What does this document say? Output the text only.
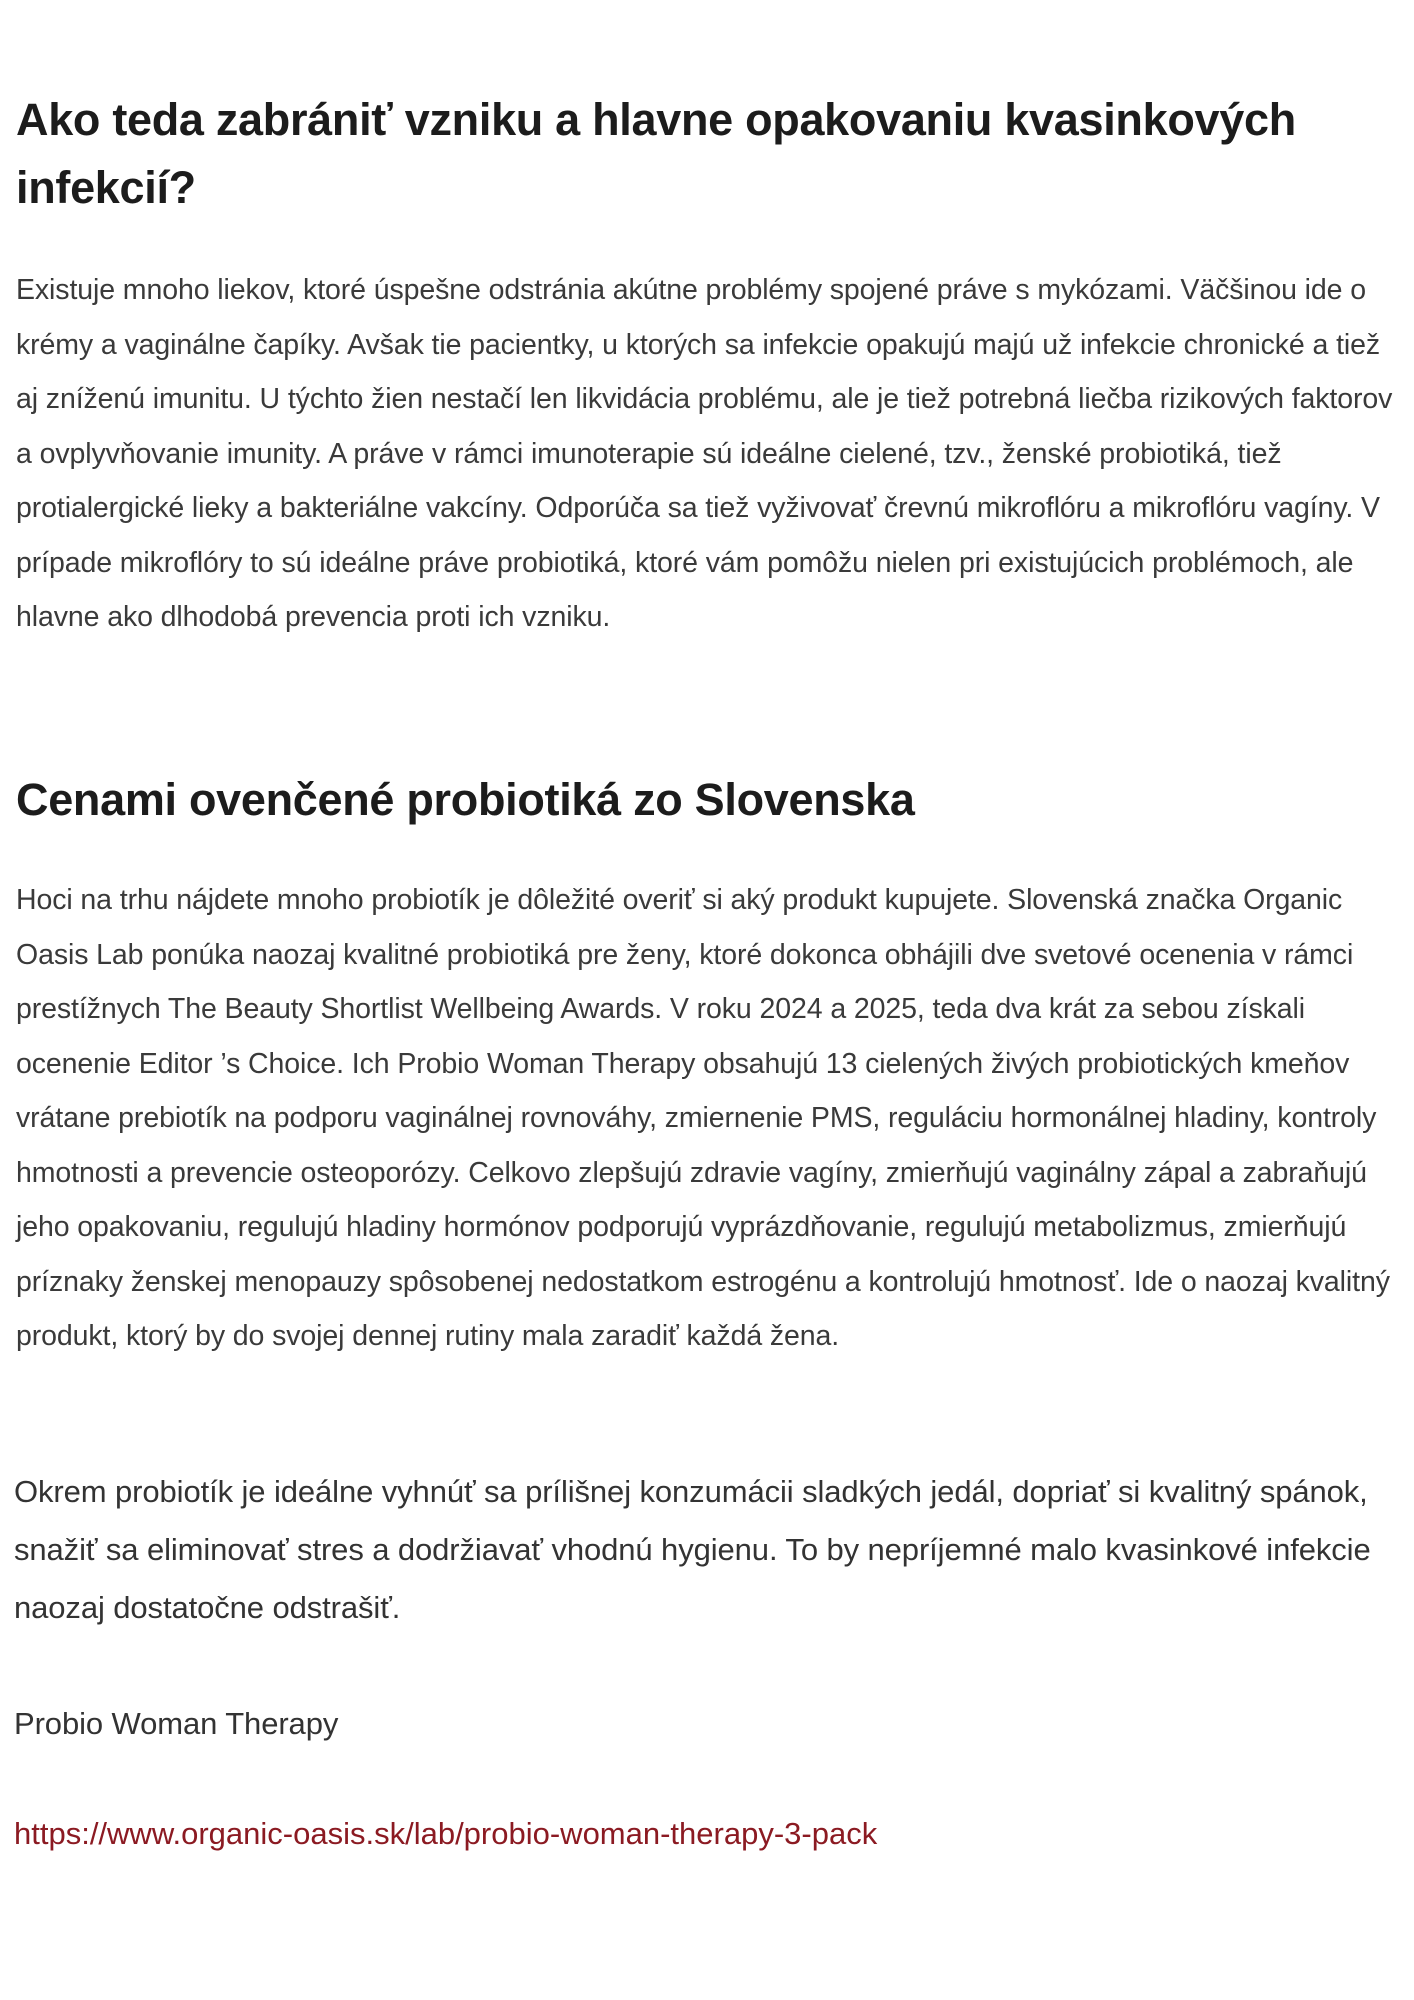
Ako teda zabrániť vzniku a hlavne opakovaniu kvasinkových infekcií?

Existuje mnoho liekov, ktoré úspešne odstránia akútne problémy spojené práve s mykózami. Väčšinou ide o krémy a vaginálne čapíky. Avšak tie pacientky, u ktorých sa infekcie opakujú majú už infekcie chronické a tiež aj zníženú imunitu. U týchto žien nestačí len likvidácia problému, ale je tiež potrebná liečba rizikových faktorov a ovplyvňovanie imunity. A práve v rámci imunoterapie sú ideálne cielené, tzv., ženské probiotiká, tiež protialergické lieky a bakteriálne vakcíny. Odporúča sa tiež vyživovať črevnú mikroflóru a mikroflóru vagíny. V prípade mikroflóry to sú ideálne práve probiotiká, ktoré vám pomôžu nielen pri existujúcich problémoch, ale hlavne ako dlhodobá prevencia proti ich vzniku.

Cenami ovenčené probiotiká zo Slovenska

Hoci na trhu nájdete mnoho probiotík je dôležité overiť si aký produkt kupujete. Slovenská značka Organic Oasis Lab ponúka naozaj kvalitné probiotiká pre ženy, ktoré dokonca obhájili dve svetové ocenenia v rámci prestížnych The Beauty Shortlist Wellbeing Awards. V roku 2024 a 2025, teda dva krát za sebou získali ocenenie Editor ’s Choice. Ich Probio Woman Therapy obsahujú 13 cielených živých probiotických kmeňov vrátane prebiotík na podporu vaginálnej rovnováhy, zmiernenie PMS, reguláciu hormonálnej hladiny, kontroly hmotnosti a prevencie osteoporózy. Celkovo zlepšujú zdravie vagíny, zmierňujú vaginálny zápal a zabraňujú jeho opakovaniu, regulujú hladiny hormónov podporujú vyprázdňovanie, regulujú metabolizmus, zmierňujú príznaky ženskej menopauzy spôsobenej nedostatkom estrogénu a kontrolujú hmotnosť. Ide o naozaj kvalitný produkt, ktorý by do svojej dennej rutiny mala zaradiť každá žena.

Okrem probiotík je ideálne vyhnúť sa prílišnej konzumácii sladkých jedál, dopriať si kvalitný spánok, snažiť sa eliminovať stres a dodržiavať vhodnú hygienu. To by nepríjemné malo kvasinkové infekcie naozaj dostatočne odstrašiť.

Probio Woman Therapy

https://www.organic-oasis.sk/lab/probio-woman-therapy-3-pack
